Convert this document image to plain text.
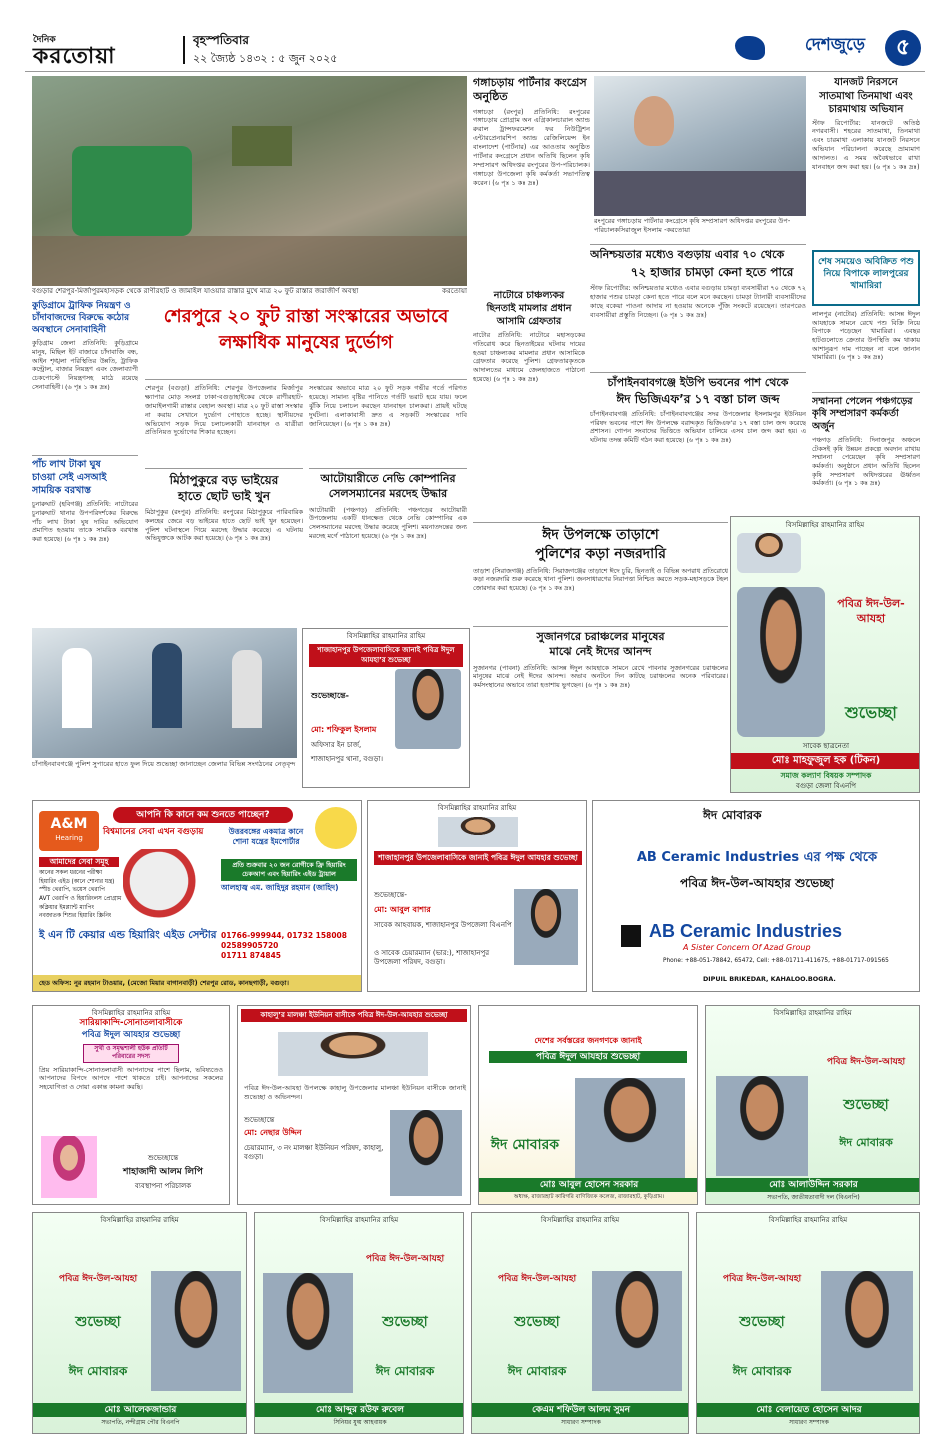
দৈনিক
করতোয়া
বৃহস্পতিবার
২২ জ্যৈষ্ঠ ১৪৩২ : ৫ জুন ২০২৫
দেশজুড়ে	৫
বগুড়ার শেরপুর-মির্জাপুরমহাসড়ক থেকে রাণীরহাট ও জামাইল যাওয়ার রাস্তার মুখে মাত্র ২০ ফুট রাস্তার জরাজীর্ণ অবস্থা	করতোয়া
গঙ্গাচড়ায় পার্টনার কংগ্রেস অনুষ্ঠিত
গঙ্গাচড়া (রংপুর) প্রতিনিধি: রংপুরের গঙ্গাচড়ায় প্রোগ্রাম অন এগ্রিকালচারাল অ্যান্ড রুরাল ট্রান্সফরমেশন ফর নিউট্রিশন এন্টারপ্রেনারশিপ অ্যান্ড রেজিলিয়েন্স ইন বাংলাদেশ (পার্টনার) এর আওতায় অনুষ্ঠিত পার্টনার কংগ্রেসে প্রধান অতিথি ছিলেন কৃষি সম্প্রসারণ অধিদপ্তর রংপুরের উপ-পরিচালক। গঙ্গাচড়া উপজেলা কৃষি কর্মকর্তা সভাপতিত্ব করেন। (৬ পৃঃ ১ কঃ দ্রঃ)
রংপুরের গঙ্গাচড়ায় পার্টনার কংগ্রেসে কৃষি সম্প্রসারণ অধিদপ্তর রংপুরের উপ-পরিচালকসিরাজুল ইসলাম -করতোয়া
যানজট নিরসনে
সাতমাথা তিনমাথা এবং চারমাথায় অভিযান
স্টাফ রিপোর্টার: যানজটে অতিষ্ঠ নগরবাসী। শহরের সাতমাথা, তিনমাথা এবং চারমাথা এলাকায় যানজট নিরসনে অভিযান পরিচালনা করেছে ভ্রাম্যমাণ আদালত। এ সময় অবৈধভাবে রাখা যানবাহন জব্দ করা হয়। (৬ পৃঃ ১ কঃ দ্রঃ)
অনিশ্চয়তার মধ্যেও বগুড়ায় এবার ৭০ থেকে
৭২ হাজার চামড়া কেনা হতে পারে
স্টাফ রিপোর্টার: অনিশ্চয়তার মধ্যেও এবার বগুড়ায় চামড়া ব্যবসায়ীরা ৭০ থেকে ৭২ হাজার পশুর চামড়া কেনা হতে পারে বলে মনে করছেন। চামড়া ট্যানারী ব্যবসায়ীদের কাছে বকেয়া পাওনা আদায় না হওয়ায় অনেকে পুঁজি সংকটে রয়েছেন। তারপরেও ব্যবসায়ীরা প্রস্তুতি নিচ্ছেন। (৬ পৃঃ ১ কঃ দ্রঃ)
শেষ সময়েও অবিক্রিত পশু নিয়ে বিপাকে লালপুরের খামারিরা
লালপুর (নাটোর) প্রতিনিধি: আসন্ন ঈদুল আযহাকে সামনে রেখে পশু বিক্রি নিয়ে বিপাকে পড়েছেন খামারিরা। এবছর হাটগুলোতে ক্রেতার উপস্থিতি কম থাকায় আশানুরূপ দাম পাচ্ছেন না বলে জানান খামারিরা। (৬ পৃঃ ১ কঃ দ্রঃ)
সম্মাননা পেলেন পঞ্চগড়ের কৃষি সম্প্রসারণ কর্মকর্তা অর্জুন
পঞ্চগড় প্রতিনিধি: দিনাজপুর অঞ্চলে টেকসই কৃষি উন্নয়ন প্রকল্পে অবদান রাখায় সম্মাননা পেয়েছেন কৃষি সম্প্রসারণ কর্মকর্তা। অনুষ্ঠানে প্রধান অতিথি ছিলেন কৃষি সম্প্রসারণ অধিদপ্তরের ঊর্ধ্বতন কর্মকর্তা। (৬ পৃঃ ১ কঃ দ্রঃ)
চাঁপাইনবাবগঞ্জে ইউপি ভবনের পাশ থেকে
ঈদ ভিজিএফ’র ১৭ বস্তা চাল জব্দ
চাঁপাইনবাবগঞ্জ প্রতিনিধি: চাঁপাইনবাবগঞ্জের সদর উপজেলার ইসলামপুর ইউনিয়ন পরিষদ ভবনের পাশে ঈদ উপলক্ষে বরাদ্দকৃত ভিজিএফ’র ১৭ বস্তা চাল জব্দ করেছে প্রশাসন। গোপন সংবাদের ভিত্তিতে অভিযান চালিয়ে এসব চাল জব্দ করা হয়। এ ঘটনায় তদন্ত কমিটি গঠন করা হয়েছে। (৬ পৃঃ ১ কঃ দ্রঃ)
কুড়িগ্রামে ট্রাফিক নিয়ন্ত্রণ ও
চাঁদাবাজদের বিরুদ্ধে কঠোর
অবস্থানে সেনাবাহিনী
কুড়িগ্রাম জেলা প্রতিনিধি: কুড়িগ্রামে মানুষ, মিছিল ইট বাজারে চাঁদাবাজি বন্ধ, আইন শৃঙ্খলা পরিস্থিতির উন্নতি, ট্রাফিক কন্ট্রোল, বাজার নিয়ন্ত্রণ এবং জেলাব্যাপী চেকপোস্টে নিয়ন্ত্রণসহ মাঠে রয়েছে সেনাবাহিনী। (৬ পৃঃ ১ কঃ দ্রঃ)
পাঁচ লাখ টাকা ঘুষ
চাওয়া সেই এসআই
সাময়িক বরখাস্ত
চুনারুঘাট (হবিগঞ্জ) প্রতিনিধি: নাটোরের চুনারুঘাট থানার উপপরিদর্শকের বিরুদ্ধে পাঁচ লাখ টাকা ঘুষ দাবির অভিযোগ প্রমাণিত হওয়ায় তাকে সাময়িক বরখাস্ত করা হয়েছে। (৬ পৃঃ ১ কঃ দ্রঃ)
শেরপুরে ২০ ফুট রাস্তা সংস্কারের অভাবে লক্ষাধিক মানুষের দুর্ভোগ
শেরপুর (বগুড়া) প্রতিনিধি: শেরপুর উপজেলার মির্জাপুর ক্ষ্যাপার মোড় সংলগ্ন ঢাকা-বগুড়াহাইকের থেকে রাণীরহাট-জামাইলগামী রাস্তার বেহাল অবস্থা। মাত্র ২০ ফুট রাস্তা সংস্কার না করায় সেখানে দুর্ভোগ পোহাতে হচ্ছে। স্থানীয়দের অভিযোগ সড়ক দিয়ে চলাচলকারী যানবাহন ও যাত্রীরা প্রতিনিয়ত দুর্ভোগের শিকার হচ্ছেন।
সংস্কারের অভাবে মাত্র ২০ ফুট সড়ক গভীর গর্তে পরিণত হয়েছে। সামান্য বৃষ্টির পানিতে গর্তটি ভরাট হয়ে যায়। ফলে ঝুঁকি নিয়ে চলাচল করছেন যানবাহন চালকরা। প্রায়ই ঘটছে দুর্ঘটনা। এলাকাবাসী দ্রুত এ সড়কটি সংস্কারের দাবি জানিয়েছেন। (৬ পৃঃ ১ কঃ দ্রঃ)
নাটোরে চাঞ্চল্যকর
ছিনতাই মামলার প্রধান
আসামি গ্রেফতার
নাটোর প্রতিনিধি: নাটোরে মহাসড়কের গতিরোধ করে ছিনতাইয়ের ঘটনায় দায়ের হওয়া চাঞ্চল্যকর মামলার প্রধান আসামিকে গ্রেফতার করেছে পুলিশ। গ্রেফতারকৃতকে আদালতের মাধ্যমে জেলহাজতে পাঠানো হয়েছে। (৬ পৃঃ ১ কঃ দ্রঃ)
মিঠাপুকুরে বড় ভাইয়ের
হাতে ছোট ভাই খুন
মিঠাপুকুর (রংপুর) প্রতিনিধি: রংপুরের মিঠাপুকুরে পারিবারিক কলহের জেরে বড় ভাইয়ের হাতে ছোট ভাই খুন হয়েছেন। পুলিশ ঘটনাস্থলে গিয়ে মরদেহ উদ্ধার করেছে। এ ঘটনায় অভিযুক্তকে আটক করা হয়েছে। (৬ পৃঃ ১ কঃ দ্রঃ)
আটোয়ারীতে নেভি কোম্পানির
সেলসম্যানের মরদেহ উদ্ধার
আটোয়ারী (পঞ্চগড়) প্রতিনিধি: পঞ্চগড়ের আটোয়ারী উপজেলায় একটি ধানক্ষেত থেকে নেভি কোম্পানির এক সেলসম্যানের মরদেহ উদ্ধার করেছে পুলিশ। ময়নাতদন্তের জন্য মরদেহ মর্গে পাঠানো হয়েছে। (৬ পৃঃ ১ কঃ দ্রঃ)	ঈদ উপলক্ষে তাড়াশে
পুলিশের কড়া নজরদারি
তাড়াশ (সিরাজগঞ্জ) প্রতিনিধি: সিরাজগঞ্জের তাড়াশে ঈদে চুরি, ছিনতাই ও বিভিন্ন অপরাধ প্রতিরোধে কড়া নজরদারি শুরু করেছে থানা পুলিশ। জনসাধারণের নিরাপত্তা নিশ্চিত করতে সড়ক-মহাসড়কে টহল জোরদার করা হয়েছে। (৬ পৃঃ ১ কঃ দ্রঃ)
বিসমিল্লাহির রাহমানির রাহিম
পবিত্র ঈদ-উল-আযহা
শুভেচ্ছা
সাবেক ছাত্রনেতা
মোঃ মাহফুজুল হক (টিকন)
সমাজ কল্যাণ বিষয়ক সম্পাদক
বগুড়া জেলা বিএনপি
চাঁপাইনবাবগঞ্জে পুলিশ সুপারের হাতে ফুল দিয়ে শুভেচ্ছা জানাচ্ছেন জেলার বিভিন্ন সংগঠনের নেতৃবৃন্দ
বিসমিল্লাহির রাহমানির রাহিম
শাজাহানপুর উপজেলাবাসিকে জানাই পবিত্র ঈদুল আযহা’র শুভেচ্ছা
শুভেচ্ছান্তে-
মো: শফিকুল ইসলাম
অফিসার ইন চার্জ,
শাজাহানপুর থানা, বগুড়া।
সুজানগরে চরাঞ্চলের মানুষের
মাঝে নেই ঈদের আনন্দ
সুজানগর (পাবনা) প্রতিনিধি: আসন্ন ঈদুল আযহাকে সামনে রেখে পাবনার সুজানগরের চরাঞ্চলের মানুষের মাঝে নেই ঈদের আনন্দ। অভাব অনটনে দিন কাটছে চরাঞ্চলের অনেক পরিবারের। কর্মসংস্থানের অভাবে তারা হতাশায় ভুগছেন। (৬ পৃঃ ১ কঃ দ্রঃ)
A&M
Hearing
আপনি কি কানে কম শুনতে পাচ্ছেন?
বিশ্বমানের সেবা এখন বগুড়ায়	উত্তরবঙ্গের একমাত্র কানে শোনা যন্ত্রের ইমপোর্টার
প্রতি শুক্রবার ২০ জন রোগীকে ফ্রি হিয়ারিং চেকআপ এবং হিয়ারিং এইড ট্রায়াল
আমাদের সেবা সমূহ
কানের সকল ধরনের পরীক্ষা
হিয়ারিং এইড (কানে শোনার যন্ত্র)
স্পীচ থেরাপি, ভয়েস থেরাপি
AVT থেরাপি ও হিয়ারিংলস প্রোগ্রাম
কক্লিয়ার ইমপ্ল্যান্ট ম্যাপিং
নবজাতক শিশুর হিয়ারিং স্ক্রিনিং
আলহাজ্ব এম. জাহিদুর রহমান (জাহিদ)
ই এন টি কেয়ার এন্ড হিয়ারিং এইড সেন্টার 01766-999944, 01732 158008
02589905720
01711 874845
হেড অফিস: নুর রহমান টাওয়ার, (মেজো মিয়ার বাগানবাড়ী) শেরপুর রোড, কানছগাড়ী, বগুড়া।
বিসমিল্লাহির রাহমানির রাহিম
শাজাহানপুর উপজেলাবাসিকে জানাই পবিত্র ঈদুল আযহার শুভেচ্ছা
শুভেচ্ছান্তে-
মো: আবুল বাশার
সাবেক আহবায়ক, শাজাহানপুর উপজেলা বিএনপি
ও সাবেক চেয়ারম্যান (ভার:), শাজাহানপুর উপজেলা পরিষদ, বগুড়া।
ঈদ মোবারক
AB Ceramic Industries এর পক্ষ থেকে
পবিত্র ঈদ-উল-আযহার শুভেচ্ছা
AB Ceramic Industries
A Sister Concern Of Azad Group
Phone: +88-051-78842, 65472, Cell: +88-01711-411675, +88-01717-091565
DIPUIL BRIKEDAR, KAHALOO.BOGRA.
বিসমিল্লাহির রাহমানির রাহিম
সারিয়াকান্দি-সোনাতলাবাসীকে
পবিত্র ঈদুল আযহার শুভেচ্ছা
সুখী ও সমৃদ্ধশালী হউক প্রতিটি পরিবারের সদস্য
প্রিয় সারিয়াকান্দি-সোনাতলাবাসী আপনাদের পাশে ছিলাম, ভবিষ্যতেও আপনাদের বিপদে আপদে পাশে থাকতে চাই। আপনাদের সকলের সহযোগিতা ও দোয়া একান্ত কামনা করছি।
শুভেচ্ছান্তে
শাহাজাদী আলম লিপি
ব্যবস্থাপনা পরিচালক
কাহালু’র মালঞ্চা ইউনিয়ন বাসীকে পবিত্র ঈদ-উল-আযহার শুভেচ্ছা
পবিত্র ঈদ-উল-আযহা উপলক্ষে কাহালু উপজেলার মালঞ্চা ইউনিয়ন বাসীকে জানাই শুভেচ্ছা ও অভিনন্দন।
শুভেচ্ছান্তে
মো: নেছার উদ্দিন
চেয়ারম্যান, ৩ নং মালঞ্চা ইউনিয়ন পরিষদ, কাহালু, বগুড়া।
দেশের সর্বস্তরের জনগণকে জানাই
পবিত্র ঈদুল আযহার শুভেচ্ছা
ঈদ মোবারক
মোঃ আবুল হোসেন সরকার
অধ্যক্ষ, রাজারহাট কারিগরি বাণিজ্যিক কলেজ, রাজারহাট, কুড়িগ্রাম।
বিসমিল্লাহির রাহমানির রাহিম
পবিত্র ঈদ-উল-আযহা
শুভেচ্ছা
ঈদ মোবারক
মোঃ আলাউদ্দিন সরকার
সভাপতি, জাতীয়তাবাদী দল (বিএনপি)
বিসমিল্লাহির রাহমানির রাহিম
পবিত্র ঈদ-উল-আযহা
শুভেচ্ছা
ঈদ মোবারক
মোঃ আলেকজান্ডার
সভাপতি, নন্দীগ্রাম পৌর বিএনপি
বিসমিল্লাহির রাহমানির রাহিম
পবিত্র ঈদ-উল-আযহা
শুভেচ্ছা
ঈদ মোবারক
মোঃ আব্দুর রউফ রুবেল
সিনিয়র যুগ্ম আহবায়ক
বিসমিল্লাহির রাহমানির রাহিম
পবিত্র ঈদ-উল-আযহা
শুভেচ্ছা
ঈদ মোবারক
কেএম শফিউল আলম সুমন
সাধারণ সম্পাদক
বিসমিল্লাহির রাহমানির রাহিম
পবিত্র ঈদ-উল-আযহা
শুভেচ্ছা
ঈদ মোবারক
মোঃ বেলায়েত হোসেন আদর
সাধারণ সম্পাদক
